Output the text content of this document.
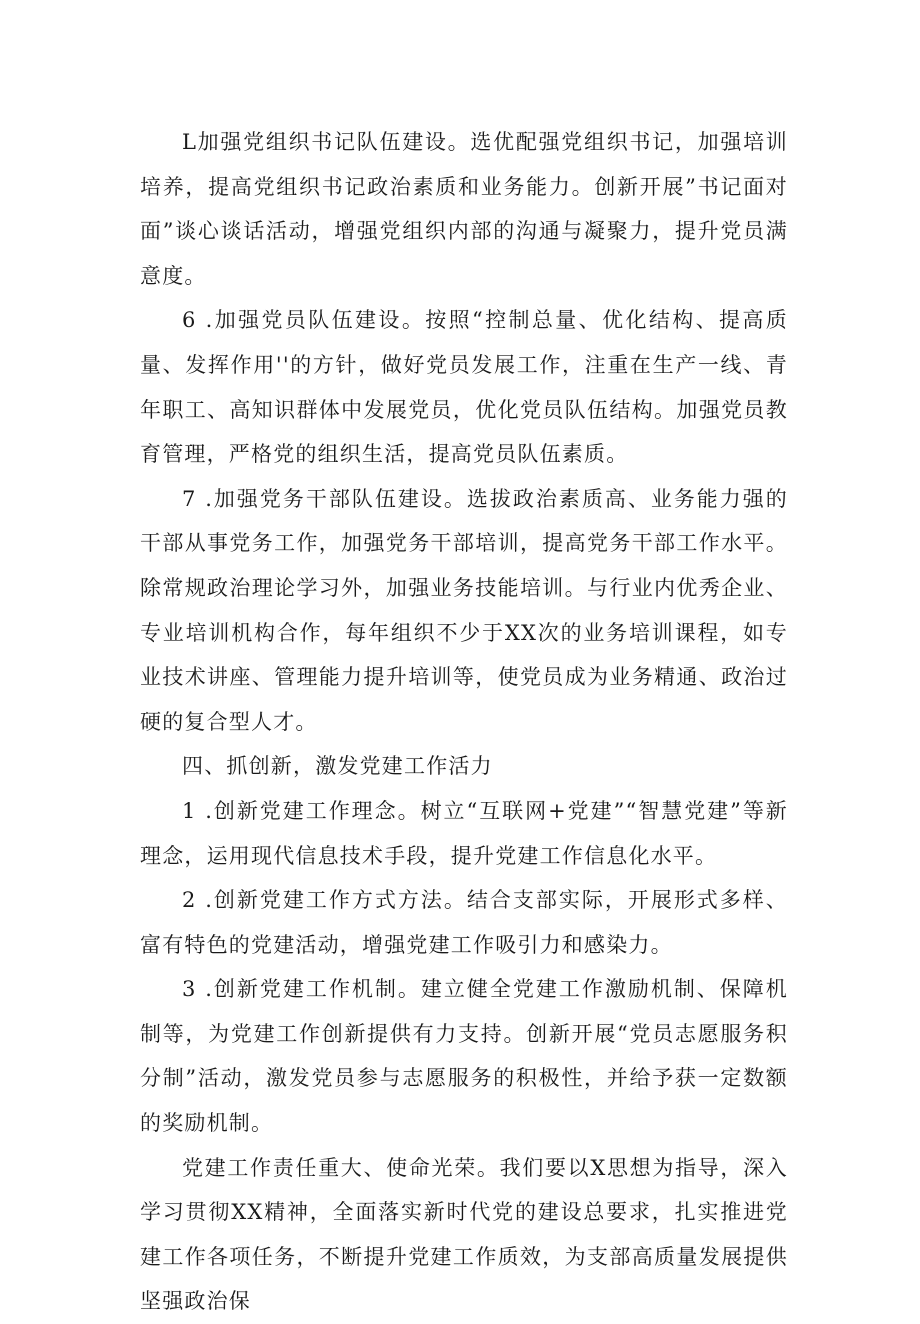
L加强党组织书记队伍建设。选优配强党组织书记，加强培训培养，提高党组织书记政治素质和业务能力。创新开展”书记面对面”谈心谈话活动，增强党组织内部的沟通与凝聚力，提升党员满意度。

6 .加强党员队伍建设。按照“控制总量、优化结构、提高质量、发挥作用''的方针，做好党员发展工作，注重在生产一线、青年职工、高知识群体中发展党员，优化党员队伍结构。加强党员教育管理，严格党的组织生活，提高党员队伍素质。

7 .加强党务干部队伍建设。选拔政治素质高、业务能力强的干部从事党务工作，加强党务干部培训，提高党务干部工作水平。除常规政治理论学习外，加强业务技能培训。与行业内优秀企业、专业培训机构合作，每年组织不少于XX次的业务培训课程，如专业技术讲座、管理能力提升培训等，使党员成为业务精通、政治过硬的复合型人才。

四、抓创新，激发党建工作活力

1 .创新党建工作理念。树立“互联网+党建”“智慧党建”等新理念，运用现代信息技术手段，提升党建工作信息化水平。

2 .创新党建工作方式方法。结合支部实际，开展形式多样、富有特色的党建活动，增强党建工作吸引力和感染力。

3 .创新党建工作机制。建立健全党建工作激励机制、保障机制等，为党建工作创新提供有力支持。创新开展“党员志愿服务积分制”活动，激发党员参与志愿服务的积极性，并给予获一定数额的奖励机制。

党建工作责任重大、使命光荣。我们要以X思想为指导，深入学习贯彻XX精神，全面落实新时代党的建设总要求，扎实推进党建工作各项任务，不断提升党建工作质效，为支部高质量发展提供坚强政治保
